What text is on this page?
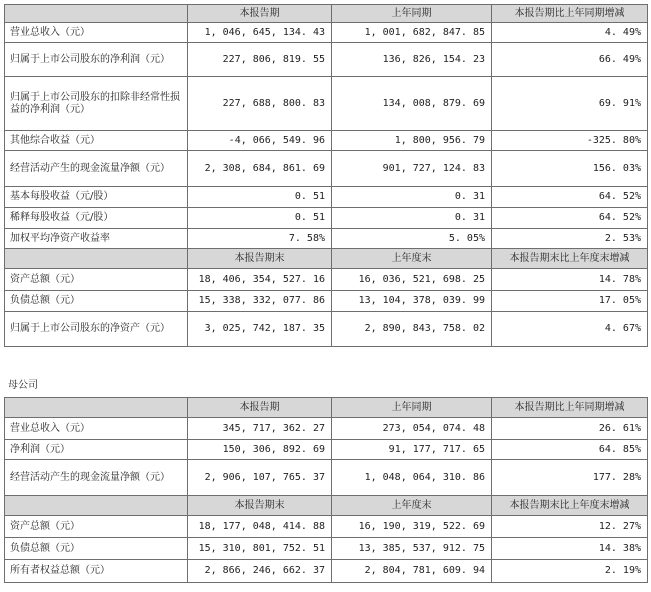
	本报告期	上年同期	本报告期比上年同期增减
营业总收入（元）	1, 046, 645, 134. 43	1, 001, 682, 847. 85	4. 49%
归属于上市公司股东的净利润（元）	227, 806, 819. 55	136, 826, 154. 23	66. 49%
归属于上市公司股东的扣除非经常性损益的净利润（元）	227, 688, 800. 83	134, 008, 879. 69	69. 91%
其他综合收益（元）	-4, 066, 549. 96	1, 800, 956. 79	-325. 80%
经营活动产生的现金流量净额（元）	2, 308, 684, 861. 69	901, 727, 124. 83	156. 03%
基本每股收益（元/股）	0. 51	0. 31	64. 52%
稀释每股收益（元/股）	0. 51	0. 31	64. 52%
加权平均净资产收益率	7. 58%	5. 05%	2. 53%
	本报告期末	上年度末	本报告期末比上年度末增减
资产总额（元）	18, 406, 354, 527. 16	16, 036, 521, 698. 25	14. 78%
负债总额（元）	15, 338, 332, 077. 86	13, 104, 378, 039. 99	17. 05%
归属于上市公司股东的净资产（元）	3, 025, 742, 187. 35	2, 890, 843, 758. 02	4. 67%
母公司
	本报告期	上年同期	本报告期比上年同期增减
营业总收入（元）	345, 717, 362. 27	273, 054, 074. 48	26. 61%
净利润（元）	150, 306, 892. 69	91, 177, 717. 65	64. 85%
经营活动产生的现金流量净额（元）	2, 906, 107, 765. 37	1, 048, 064, 310. 86	177. 28%
	本报告期末	上年度末	本报告期末比上年度末增减
资产总额（元）	18, 177, 048, 414. 88	16, 190, 319, 522. 69	12. 27%
负债总额（元）	15, 310, 801, 752. 51	13, 385, 537, 912. 75	14. 38%
所有者权益总额（元）	2, 866, 246, 662. 37	2, 804, 781, 609. 94	2. 19%
